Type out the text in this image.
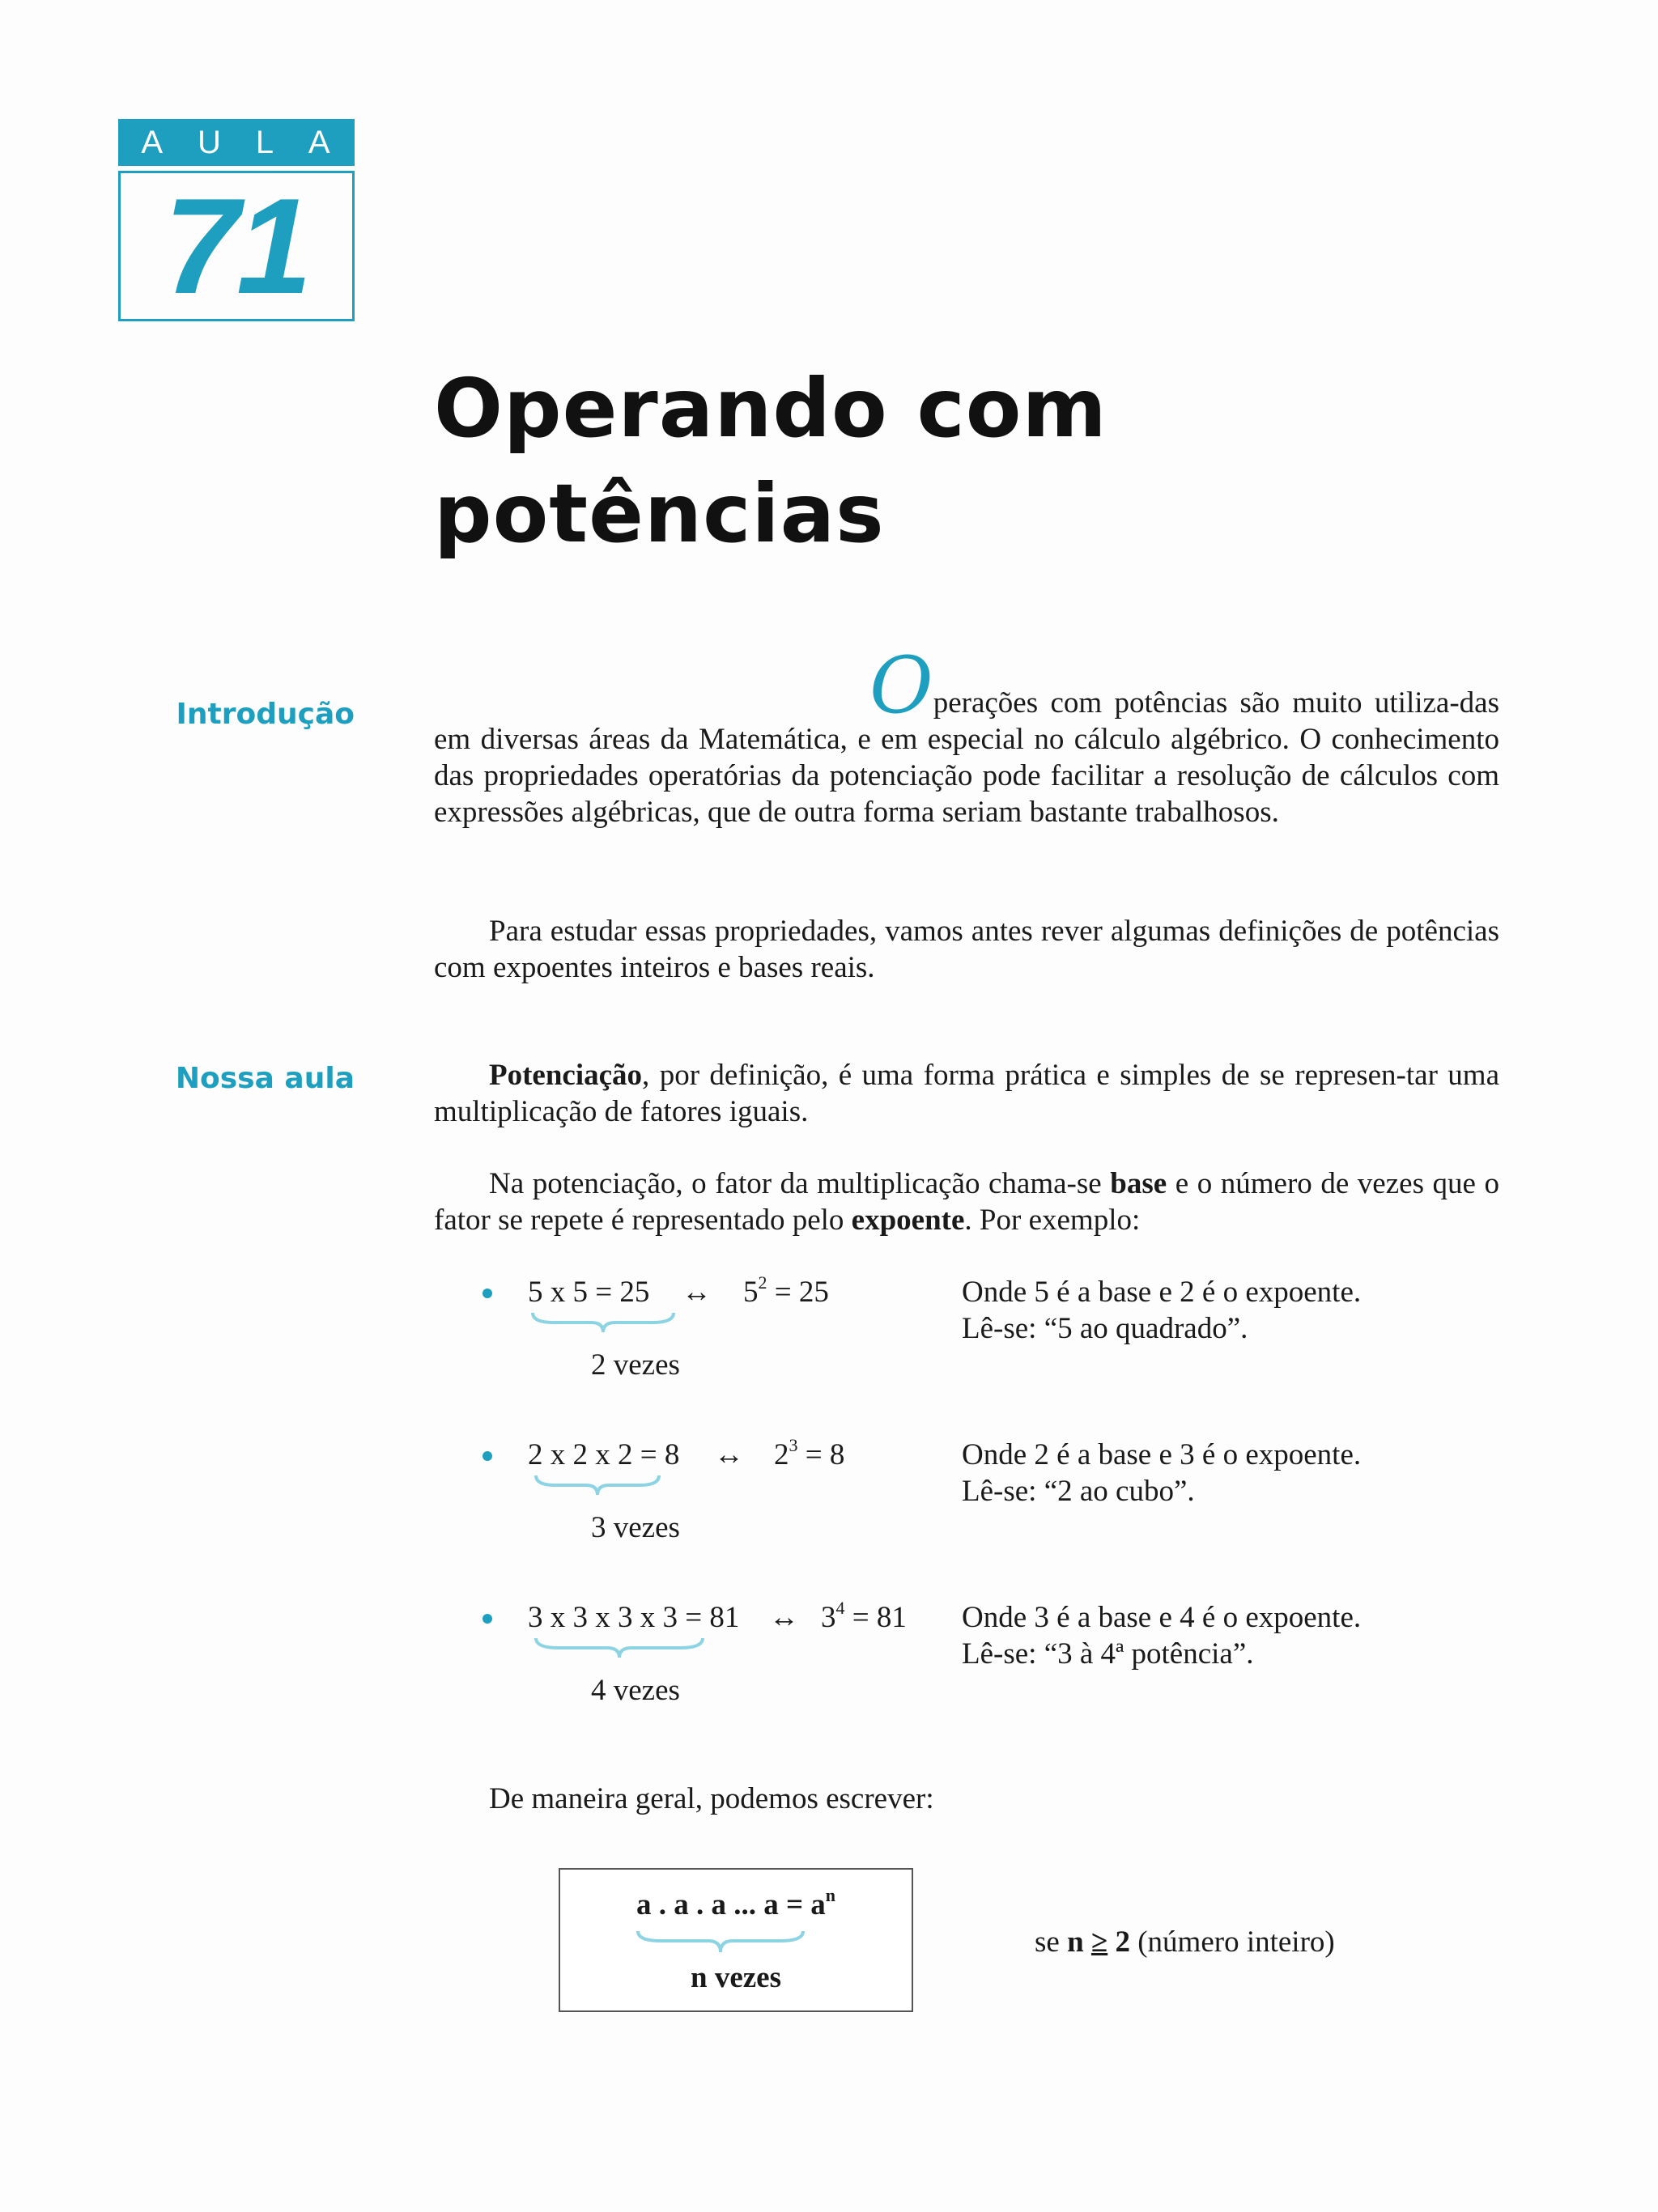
A U L A
71
Operando com
potências
Introdução
Nossa aula

Operações com potências são muito utiliza-das em diversas áreas da Matemática, e em especial no cálculo algébrico. O conhecimento das propriedades operatórias da potenciação pode facilitar a resolução de cálculos com expressões algébricas, que de outra forma seriam bastante trabalhosos.

Para estudar essas propriedades, vamos antes rever algumas definições de potências com expoentes inteiros e bases reais.

Potenciação, por definição, é uma forma prática e simples de se represen-tar uma multiplicação de fatores iguais.

Na potenciação, o fator da multiplicação chama-se base e o número de vezes que o fator se repete é representado pelo expoente. Por exemplo:

5 x 5 = 25 ↔ $5^2 = 25$
2 vezes
Onde 5 é a base e 2 é o expoente.
Lê-se: “5 ao quadrado”.
2 x 2 x 2 = 8 ↔ $2^3 = 8$
3 vezes
Onde 2 é a base e 3 é o expoente.
Lê-se: “2 ao cubo”.
3 x 3 x 3 x 3 = 81 ↔ $3^4 = 81$
4 vezes
Onde 3 é a base e 4 é o expoente.
Lê-se: “3 à 4ª potência”.
De maneira geral, podemos escrever:
a . a . a ... $a = a^n$
n vezes
se n ≥ 2 (número inteiro)
